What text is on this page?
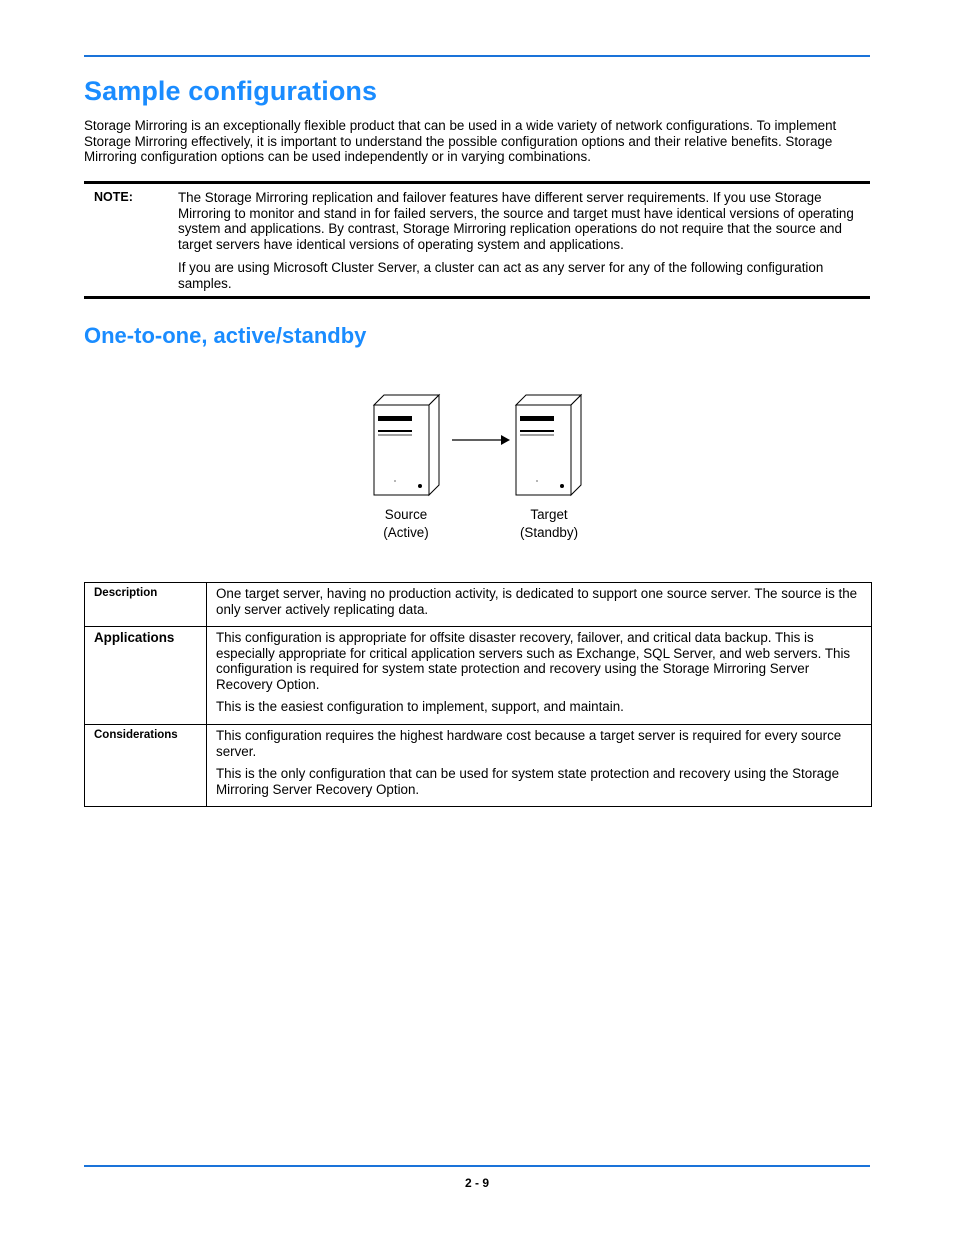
Sample configurations

Storage Mirroring is an exceptionally flexible product that can be used in a wide variety of network configurations. To implement Storage Mirroring effectively, it is important to understand the possible configuration options and their relative benefits. Storage Mirroring configuration options can be used independently or in varying combinations.

NOTE:	The Storage Mirroring replication and failover features have different server requirements. If you use Storage Mirroring to monitor and stand in for failed servers, the source and target must have identical versions of operating system and applications. By contrast, Storage Mirroring replication operations do not require that the source and target servers have identical versions of operating system and applications.

If you are using Microsoft Cluster Server, a cluster can act as any server for any of the following configuration samples.

One-to-one, active/standby
Source
(Active)
Target
(Standby)
Description	One target server, having no production activity, is dedicated to support one source server. The source is the only server actively replicating data.

Applications	This configuration is appropriate for offsite disaster recovery, failover, and critical data backup. This is especially appropriate for critical application servers such as Exchange, SQL Server, and web servers. This configuration is required for system state protection and recovery using the Storage Mirroring Server Recovery Option.

This is the easiest configuration to implement, support, and maintain.

Considerations	This configuration requires the highest hardware cost because a target server is required for every source server.

This is the only configuration that can be used for system state protection and recovery using the Storage Mirroring Server Recovery Option.

2 - 9
